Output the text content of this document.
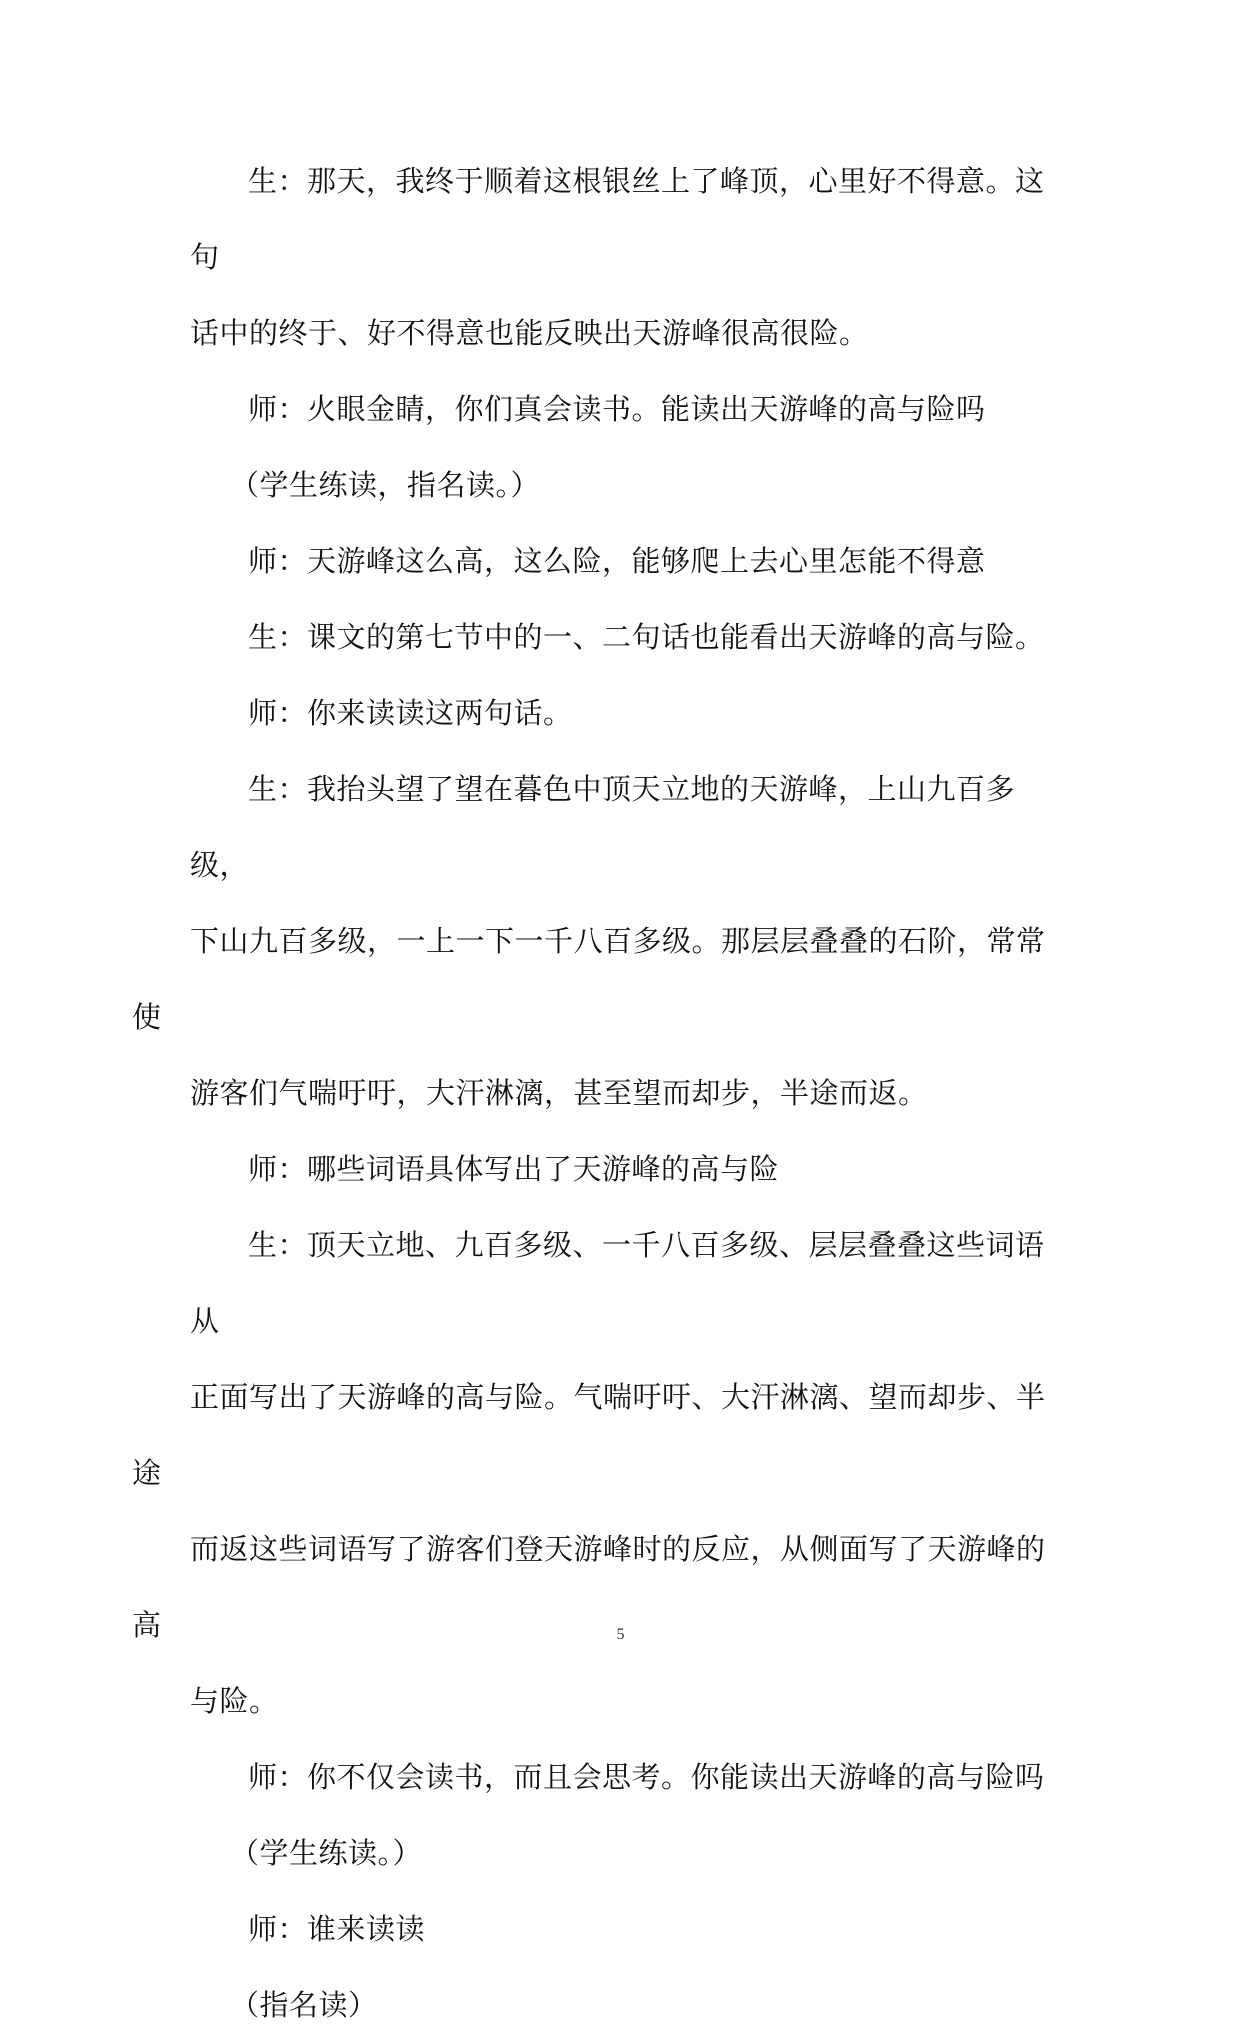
生：那天，我终于顺着这根银丝上了峰顶，心里好不得意。这句
话中的终于、好不得意也能反映出天游峰很高很险。

师：火眼金睛，你们真会读书。能读出天游峰的高与险吗

（学生练读，指名读。）

师：天游峰这么高，这么险，能够爬上去心里怎能不得意

生：课文的第七节中的一、二句话也能看出天游峰的高与险。

师：你来读读这两句话。

生：我抬头望了望在暮色中顶天立地的天游峰，上山九百多级，
下山九百多级，一上一下一千八百多级。那层层叠叠的石阶，常常使
游客们气喘吁吁，大汗淋漓，甚至望而却步，半途而返。

师：哪些词语具体写出了天游峰的高与险

生：顶天立地、九百多级、一千八百多级、层层叠叠这些词语从
正面写出了天游峰的高与险。气喘吁吁、大汗淋漓、望而却步、半途
而返这些词语写了游客们登天游峰时的反应，从侧面写了天游峰的高
与险。

师：你不仅会读书，而且会思考。你能读出天游峰的高与险吗

（学生练读。）

师：谁来读读

（指名读）

5
